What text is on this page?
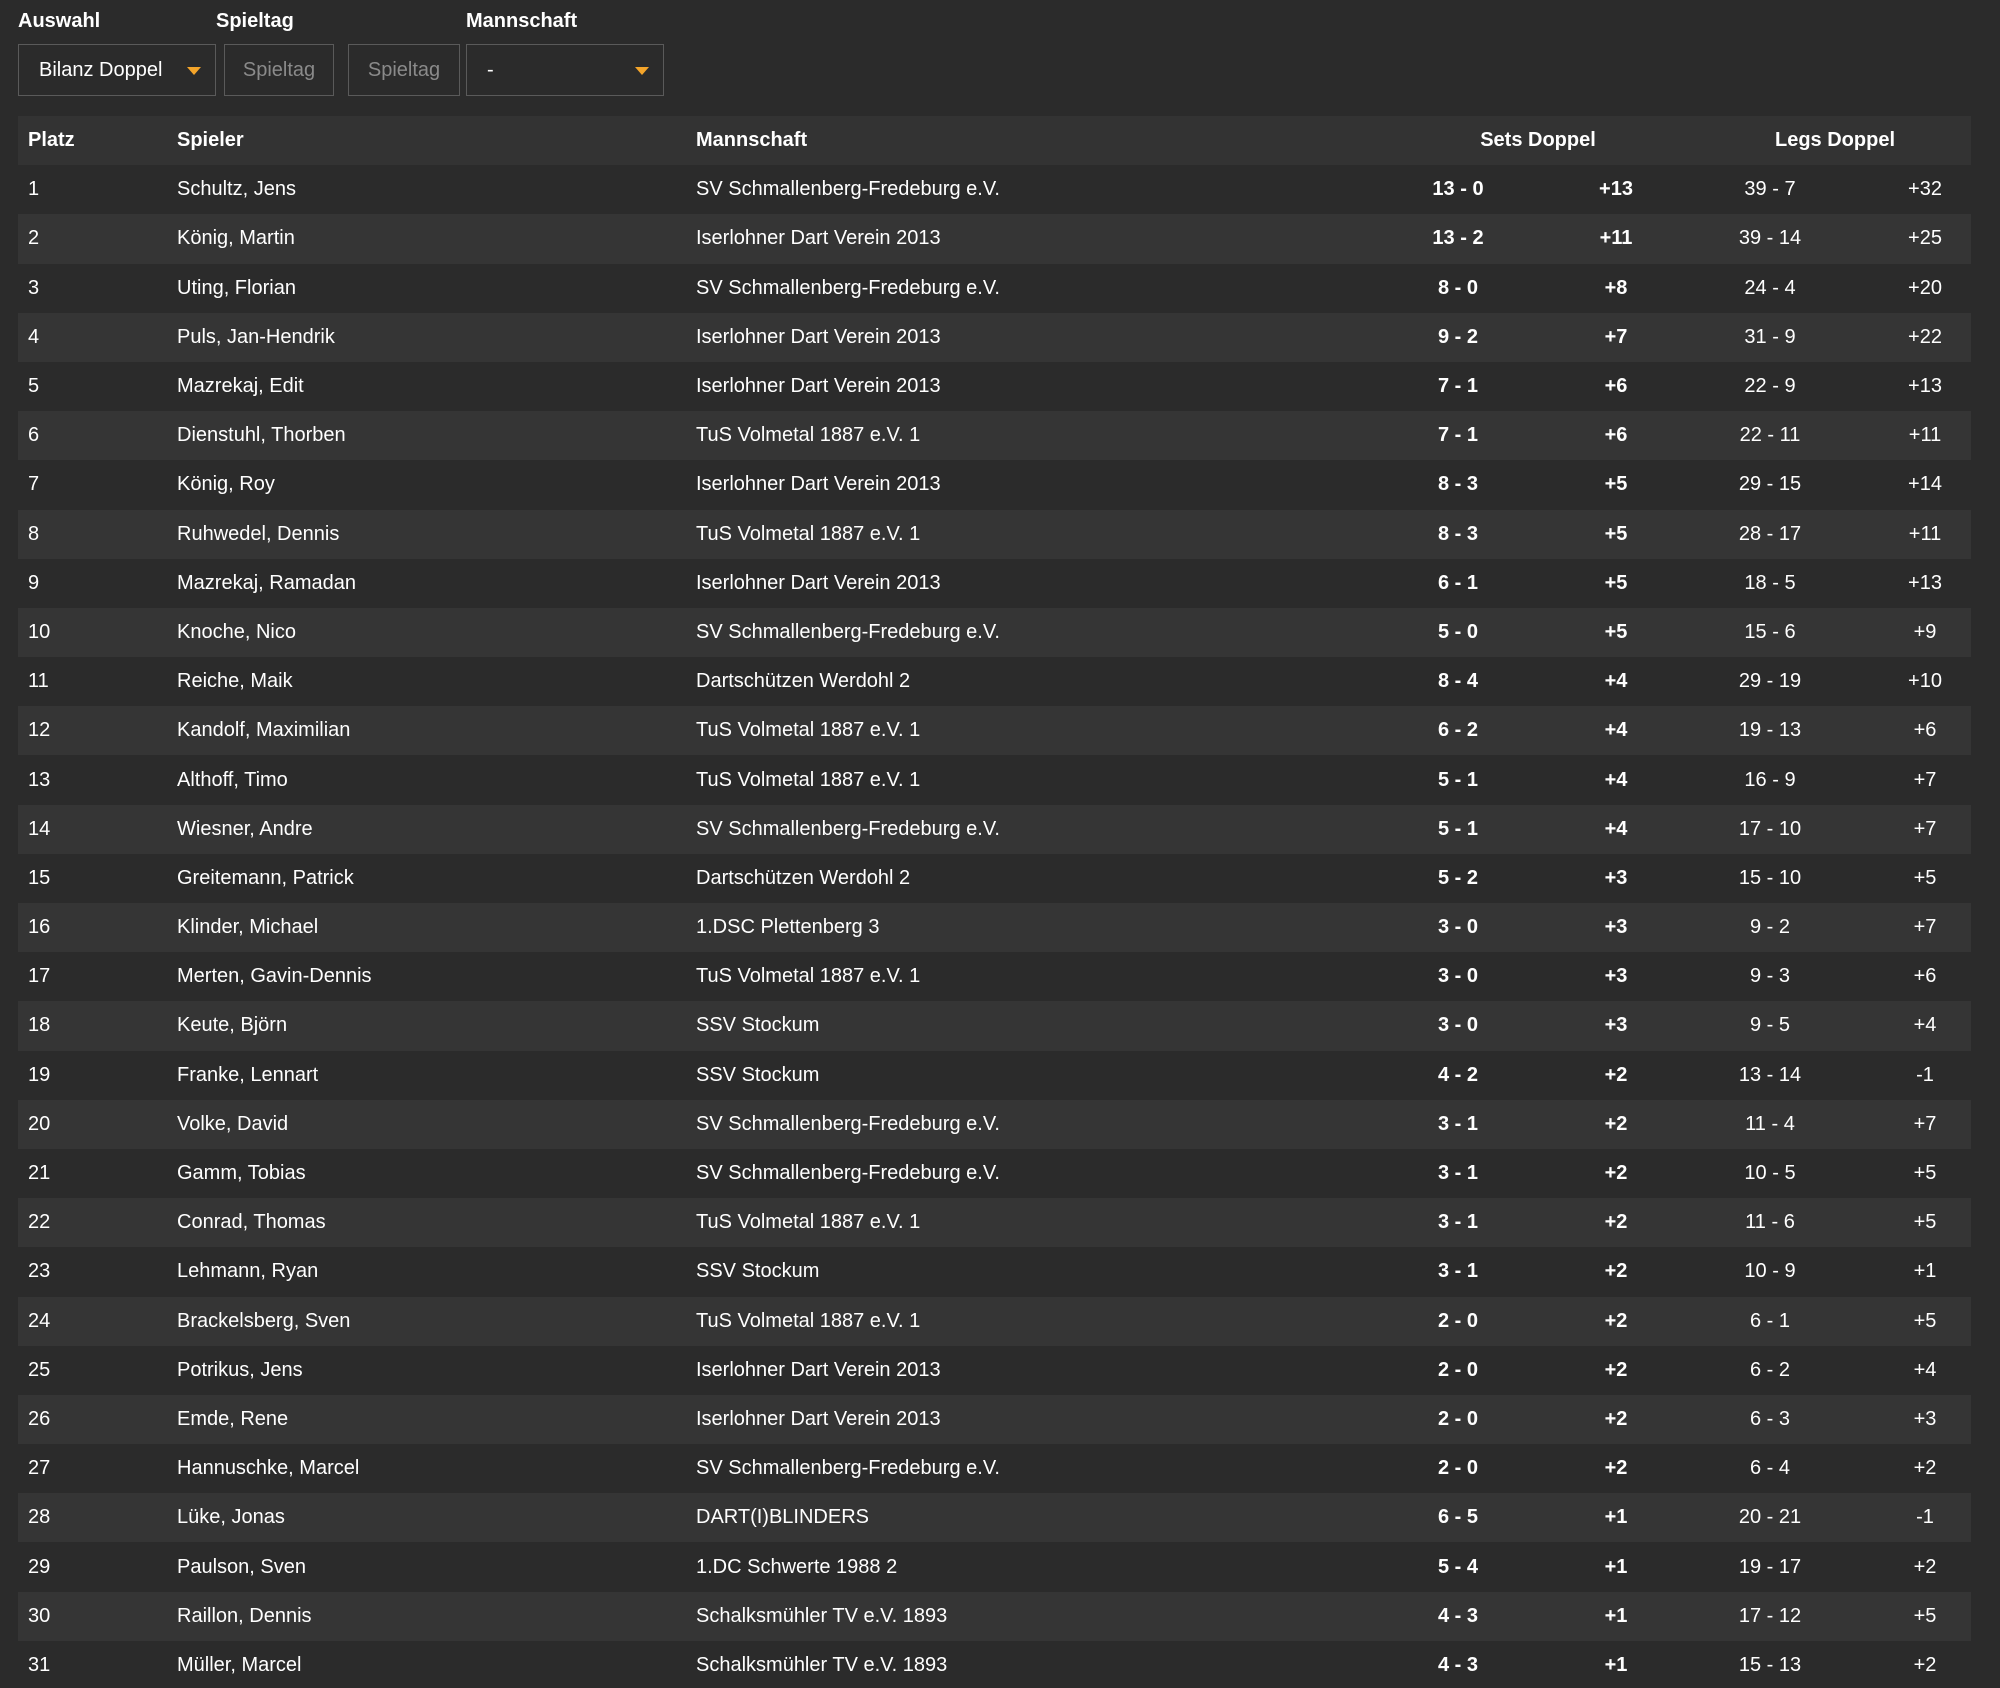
Auswahl	Spieltag	Mannschaft
Bilanz Doppel	Spieltag	Spieltag	-
Platz	Spieler	Mannschaft	Sets Doppel	Legs Doppel
1	Schultz, Jens	SV Schmallenberg-Fredeburg e.V.	13 - 0	+13	39 - 7	+32
2	König, Martin	Iserlohner Dart Verein 2013	13 - 2	+11	39 - 14	+25
3	Uting, Florian	SV Schmallenberg-Fredeburg e.V.	8 - 0	+8	24 - 4	+20
4	Puls, Jan-Hendrik	Iserlohner Dart Verein 2013	9 - 2	+7	31 - 9	+22
5	Mazrekaj, Edit	Iserlohner Dart Verein 2013	7 - 1	+6	22 - 9	+13
6	Dienstuhl, Thorben	TuS Volmetal 1887 e.V. 1	7 - 1	+6	22 - 11	+11
7	König, Roy	Iserlohner Dart Verein 2013	8 - 3	+5	29 - 15	+14
8	Ruhwedel, Dennis	TuS Volmetal 1887 e.V. 1	8 - 3	+5	28 - 17	+11
9	Mazrekaj, Ramadan	Iserlohner Dart Verein 2013	6 - 1	+5	18 - 5	+13
10	Knoche, Nico	SV Schmallenberg-Fredeburg e.V.	5 - 0	+5	15 - 6	+9
11	Reiche, Maik	Dartschützen Werdohl 2	8 - 4	+4	29 - 19	+10
12	Kandolf, Maximilian	TuS Volmetal 1887 e.V. 1	6 - 2	+4	19 - 13	+6
13	Althoff, Timo	TuS Volmetal 1887 e.V. 1	5 - 1	+4	16 - 9	+7
14	Wiesner, Andre	SV Schmallenberg-Fredeburg e.V.	5 - 1	+4	17 - 10	+7
15	Greitemann, Patrick	Dartschützen Werdohl 2	5 - 2	+3	15 - 10	+5
16	Klinder, Michael	1.DSC Plettenberg 3	3 - 0	+3	9 - 2	+7
17	Merten, Gavin-Dennis	TuS Volmetal 1887 e.V. 1	3 - 0	+3	9 - 3	+6
18	Keute, Björn	SSV Stockum	3 - 0	+3	9 - 5	+4
19	Franke, Lennart	SSV Stockum	4 - 2	+2	13 - 14	-1
20	Volke, David	SV Schmallenberg-Fredeburg e.V.	3 - 1	+2	11 - 4	+7
21	Gamm, Tobias	SV Schmallenberg-Fredeburg e.V.	3 - 1	+2	10 - 5	+5
22	Conrad, Thomas	TuS Volmetal 1887 e.V. 1	3 - 1	+2	11 - 6	+5
23	Lehmann, Ryan	SSV Stockum	3 - 1	+2	10 - 9	+1
24	Brackelsberg, Sven	TuS Volmetal 1887 e.V. 1	2 - 0	+2	6 - 1	+5
25	Potrikus, Jens	Iserlohner Dart Verein 2013	2 - 0	+2	6 - 2	+4
26	Emde, Rene	Iserlohner Dart Verein 2013	2 - 0	+2	6 - 3	+3
27	Hannuschke, Marcel	SV Schmallenberg-Fredeburg e.V.	2 - 0	+2	6 - 4	+2
28	Lüke, Jonas	DART(I)BLINDERS	6 - 5	+1	20 - 21	-1
29	Paulson, Sven	1.DC Schwerte 1988 2	5 - 4	+1	19 - 17	+2
30	Raillon, Dennis	Schalksmühler TV e.V. 1893	4 - 3	+1	17 - 12	+5
31	Müller, Marcel	Schalksmühler TV e.V. 1893	4 - 3	+1	15 - 13	+2
